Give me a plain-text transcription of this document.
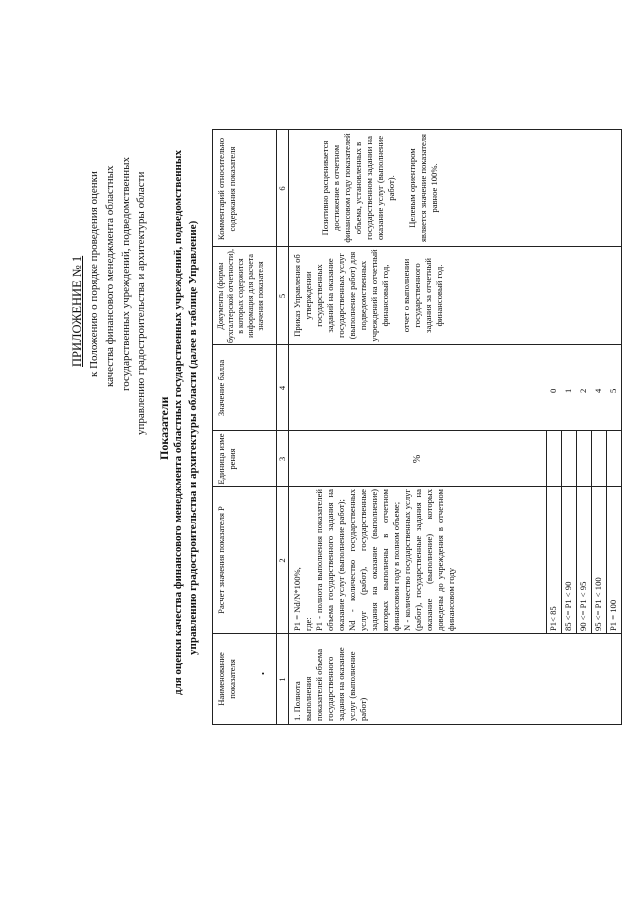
ПРИЛОЖЕНИЕ № 1 к Положению о порядке проведения оценки качества финансового менеджмента областных государственных учреждений, подведомственных управлению градостроительства и архитектуры области Показатели для оценки качества финансового менеджмента областных государственных учреждений, подведомственных управлению градостроительства и архитектуры области (далее в таблице Управление)
Наименование показателя •
Расчет значения показателя P
Единица измерения
Значение балла
Документы (формы бухгалтерской отчетности), в которых содержится информация для расчета значения показателя
Комментарий относительно содержания показателя
1
2
3
4
5
6
1. Полнота выполнения показателей объема государственного задания на оказание услуг (выполнение работ)

P1 = Nd/N*100%, где: P1 - полнота выполнения показателей объема государственного задания на оказание услуг (выполнение работ); Nd - количество государственных услуг (работ), государственные задания на оказание (выполнение) которых выполнены в отчетном финансовом году в полном объеме; N - количество государственных услуг (работ), государственные задания на оказание (выполнение) которых доведены до учреждения в отчетном финансовом году

%

Приказ Управления об утверждении государственных заданий на оказание государственных услуг (выполнение работ) для подведомственных учреждений на отчетный финансовый год, отчет о выполнении государственного задания за отчетный финансовый год.

Позитивно расценивается достижение в отчетном финансовом году показателей объема, установленных в государственном задании на оказание услуг (выполнение работ). Целевым ориентиром является значение показателя равное 100%.

P1< 85
0
85 <= P1 < 90
1
90 <= P1 < 95
2
95 <= P1 < 100
4
P1 = 100
5
